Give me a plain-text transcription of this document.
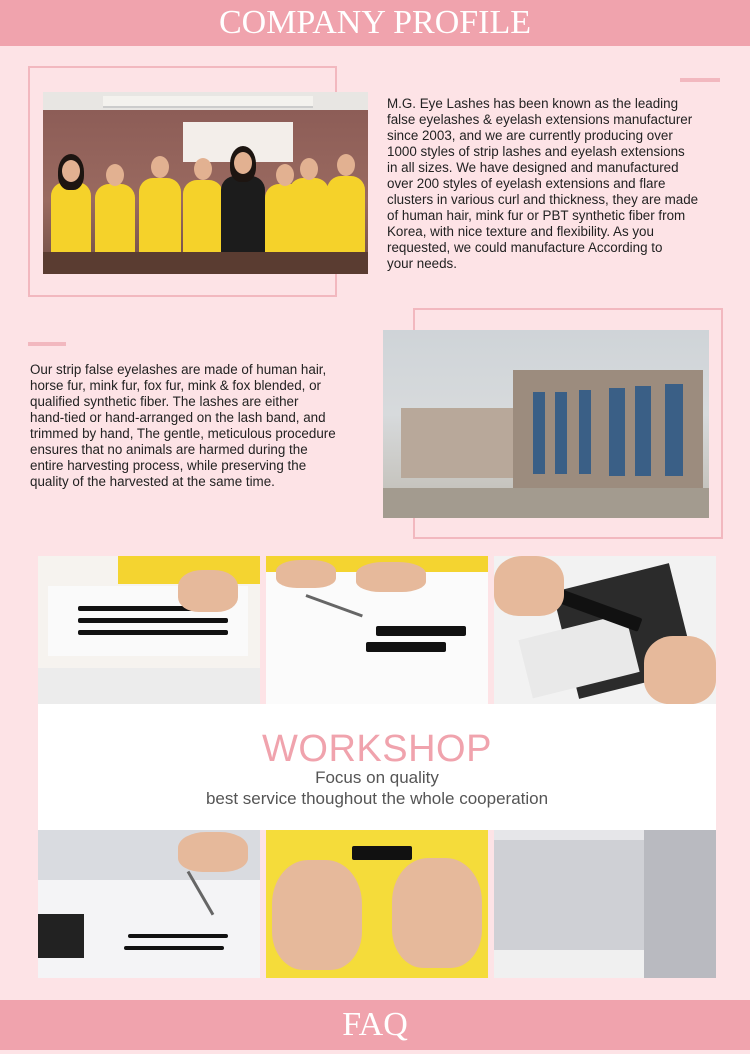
COMPANY PROFILE
M.G. Eye Lashes has been known as the leading
false eyelashes & eyelash extensions manufacturer
since 2003, and we are currently producing over
1000 styles of strip lashes and eyelash extensions
in all sizes. We have designed and manufactured
over 200 styles of eyelash extensions and flare
clusters in various curl and thickness, they are made
of human hair, mink fur or PBT synthetic fiber from
Korea, with nice texture and flexibility. As you
requested, we could manufacture According to
your needs.
Our strip false eyelashes are made of human hair,
horse fur, mink fur, fox fur, mink & fox blended, or
qualified synthetic fiber. The lashes are either
hand-tied or hand-arranged on the lash band, and
trimmed by hand, The gentle, meticulous procedure
ensures that no animals are harmed during the
entire harvesting process, while preserving the
quality of the harvested at the same time.
WORKSHOP
Focus on quality
best service thoughout the whole cooperation
FAQ
